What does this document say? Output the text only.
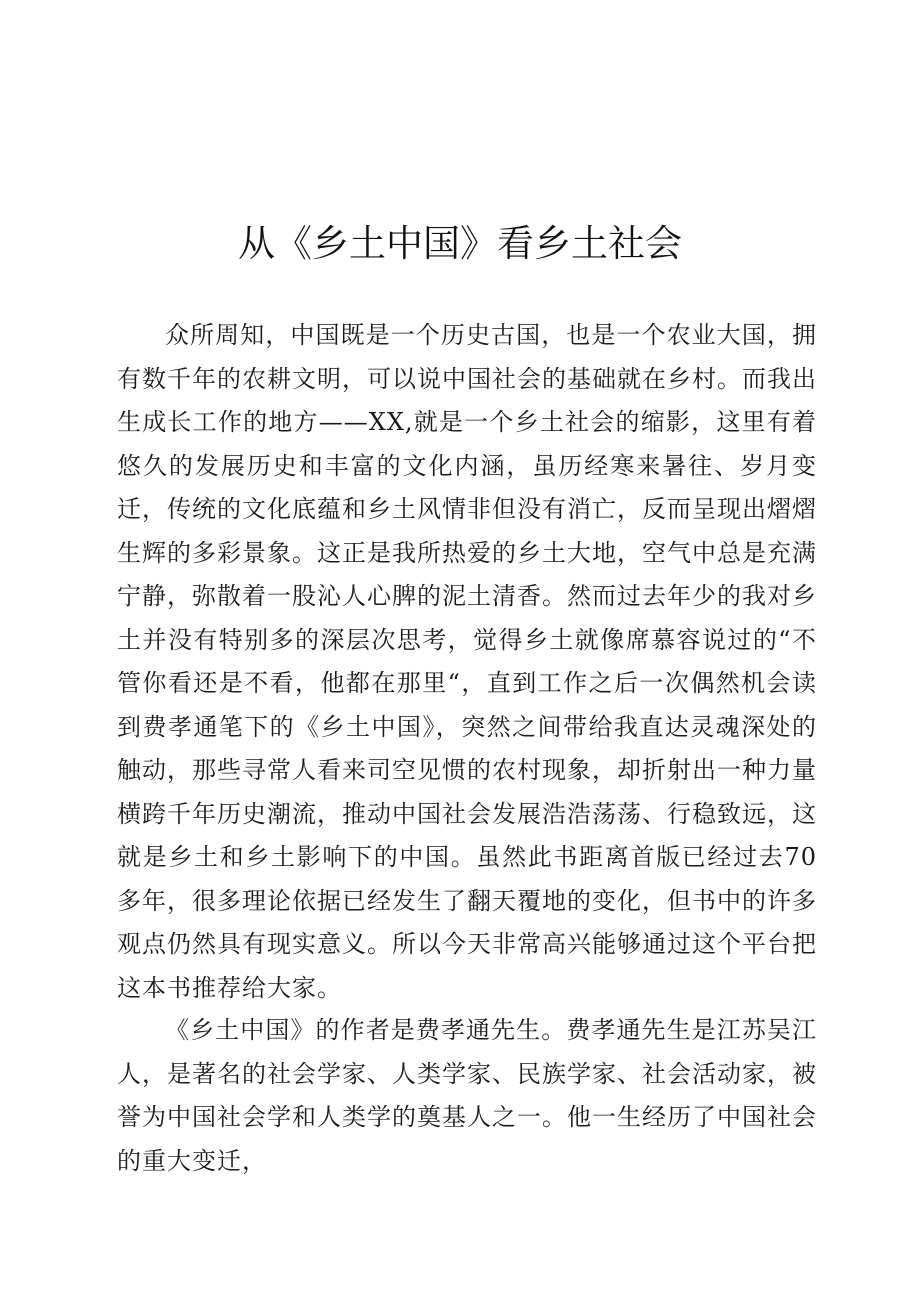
从《乡土中国》看乡土社会

众所周知，中国既是一个历史古国，也是一个农业大国，拥有数千年的农耕文明，可以说中国社会的基础就在乡村。而我出生成长工作的地方——XX,就是一个乡土社会的缩影，这里有着悠久的发展历史和丰富的文化内涵，虽历经寒来暑往、岁月变迁，传统的文化底蕴和乡土风情非但没有消亡，反而呈现出熠熠生辉的多彩景象。这正是我所热爱的乡土大地，空气中总是充满宁静，弥散着一股沁人心脾的泥土清香。然而过去年少的我对乡土并没有特别多的深层次思考，觉得乡土就像席慕容说过的“不管你看还是不看，他都在那里“，直到工作之后一次偶然机会读到费孝通笔下的《乡土中国》，突然之间带给我直达灵魂深处的触动，那些寻常人看来司空见惯的农村现象，却折射出一种力量横跨千年历史潮流，推动中国社会发展浩浩荡荡、行稳致远，这就是乡土和乡土影响下的中国。虽然此书距离首版已经过去70多年，很多理论依据已经发生了翻天覆地的变化，但书中的许多观点仍然具有现实意义。所以今天非常高兴能够通过这个平台把这本书推荐给大家。

《乡土中国》的作者是费孝通先生。费孝通先生是江苏吴江人，是著名的社会学家、人类学家、民族学家、社会活动家，被誉为中国社会学和人类学的奠基人之一。他一生经历了中国社会的重大变迁，
